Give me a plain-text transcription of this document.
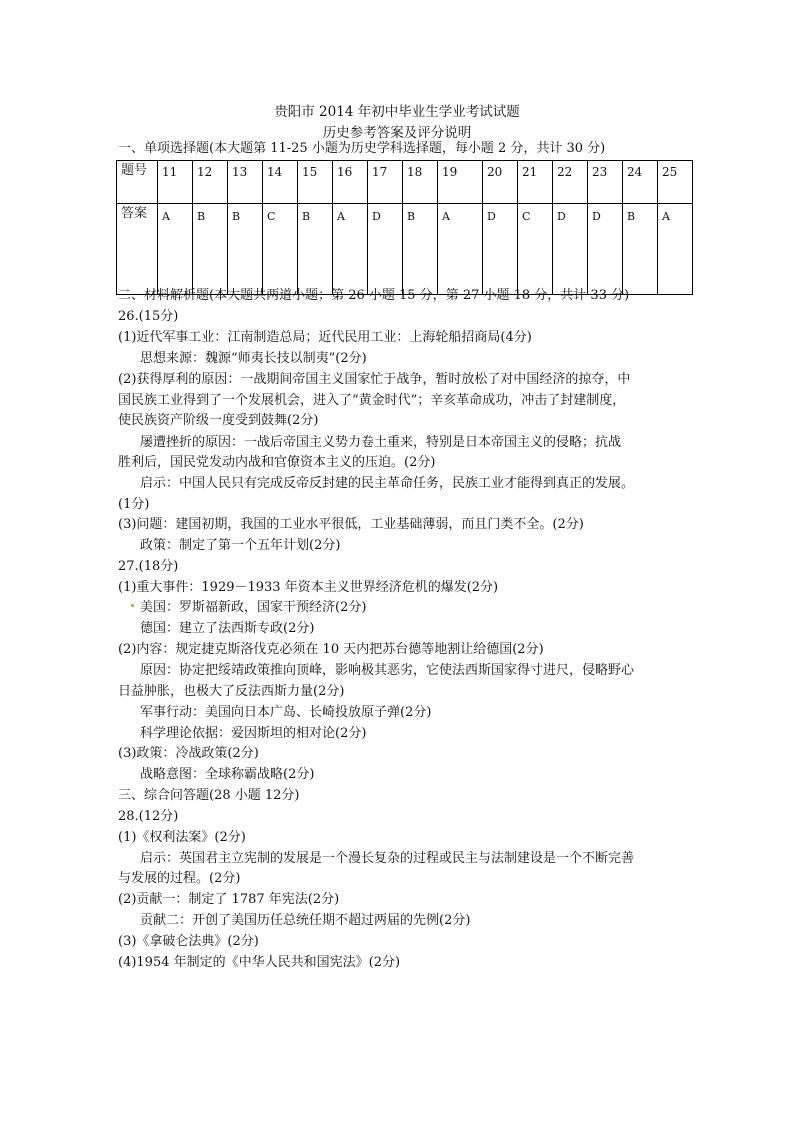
贵阳市 2014 年初中毕业生学业考试试题
历史参考答案及评分说明
一、单项选择题(本大题第 11-25 小题为历史学科选择题，每小题 2 分，共计 30 分)
题号	11	12	13	14	15	16	17	18	19	20	21	22	23	24	25
答案	A	B	B	C	B	A	D	B	A	D	C	D	D	B	A
二、材料解析题(本大题共两道小题；第 26 小题 15 分，第 27 小题 18 分，共计 33 分)
26.(15分)
(1)近代军事工业：江南制造总局；近代民用工业：上海轮船招商局(4分)
思想来源：魏源“师夷长技以制夷”(2分)
(2)获得厚利的原因：一战期间帝国主义国家忙于战争，暂时放松了对中国经济的掠夺，中
国民族工业得到了一个发展机会，进入了“黄金时代”；辛亥革命成功，冲击了封建制度，
使民族资产阶级一度受到鼓舞(2分)
屡遭挫折的原因：一战后帝国主义势力卷土重来，特别是日本帝国主义的侵略；抗战
胜利后，国民党发动内战和官僚资本主义的压迫。(2分)
启示：中国人民只有完成反帝反封建的民主革命任务，民族工业才能得到真正的发展。
(1分)
(3)问题：建国初期，我国的工业水平很低，工业基础薄弱，而且门类不全。(2分)
政策：制定了第一个五年计划(2分)
27.(18分)
(1)重大事件：1929－1933 年资本主义世界经济危机的爆发(2分)
美国：罗斯福新政，国家干预经济(2分)
德国：建立了法西斯专政(2分)
(2)内容：规定捷克斯洛伐克必须在 10 天内把苏台德等地割让给德国(2分)
原因：协定把绥靖政策推向顶峰，影响极其恶劣，它使法西斯国家得寸进尺，侵略野心
日益肿胀，也极大了反法西斯力量(2分)
军事行动：美国向日本广岛、长崎投放原子弹(2分)
科学理论依据：爱因斯坦的相对论(2分)
(3)政策：冷战政策(2分)
战略意图：全球称霸战略(2分)
三、综合问答题(28 小题 12分)
28.(12分)
(1)《权利法案》(2分)
启示：英国君主立宪制的发展是一个漫长复杂的过程或民主与法制建设是一个不断完善
与发展的过程。(2分)
(2)贡献一：制定了 1787 年宪法(2分)
贡献二：开创了美国历任总统任期不超过两届的先例(2分)
(3)《拿破仑法典》(2分)
(4)1954 年制定的《中华人民共和国宪法》(2分)
